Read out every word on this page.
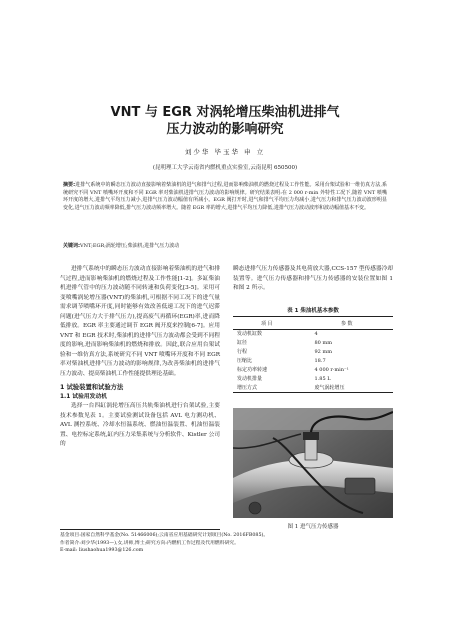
VNT 与 EGR 对涡轮增压柴油机进排气
压力波动的影响研究
刘少华 毕玉华 申 立
(昆明理工大学云南省内燃机重点实验室,云南昆明 650500)
摘要:进排气系统中的瞬态压力波动直接影响着柴油机的进气和排气过程,进而影响柴油机的燃烧过程及工作性能。采用台架试验和一维仿真方法,系统研究不同 VNT 喷嘴环开度和不同 EGR 率对柴油机进排气压力波动的影响规律。研究结果表明:在 2 000 r·min 外特性工况下,随着 VNT 喷嘴环开度的增大,进排气平均压力减小,进排气压力波动幅值有所减小。EGR 阀打开时,进气和排气平均压力均减小,进气压力和排气压力波动波形明显变化,进气压力波动频率降低,排气压力波动频率增大。随着 EGR 率的增大,进排气平均压力降低,进排气压力波动波形和波动幅值基本不变。
关键词:VNT;EGR;涡轮增压;柴油机;进排气压力波动
进排气系统中的瞬态压力波动直接影响着柴油机的进气和排气过程,进而影响柴油机的燃烧过程及工作性能[1-2]。多缸柴油机进排气管中的压力波动随不同转速和负荷变化[3-5]。采用可变喷嘴涡轮增压器(VNT)的柴油机,可根据不同工况下的进气量需求调节喷嘴环开度,同时能够有效改善低速工况下的进气迟滞问题(进气压力大于排气压力),提高废气再循环(EGR)率,进而降低排放。EGR 率主要通过调节 EGR 阀开度来控制[6-7]。应用 VNT 和 EGR 技术时,柴油机的进排气压力波动都会受到不同程度的影响,进而影响柴油机的燃烧和排放。因此,联合应用台架试验和一维仿真方法,系统研究不同 VNT 喷嘴环开度和不同 EGR 率对柴油机进排气压力波动的影响规律,为改善柴油机的进排气压力波动、提高柴油机工作性能提供理论基础。
1 试验装置和试验方法
1.1 试验用发动机
选择一台四缸涡轮增压高压共轨柴油机进行台架试验,主要技术参数见表 1。主要试验测试设备包括 AVL 电力测功机、AVL 测控系统、冷却水恒温系统、燃油恒温装置、机油恒温装置、电控标定系统,缸内压力采集系统与分析软件、Kistler 公司的
瞬态进排气压力传感器及其电荷放大器,CCS-157 型传感器冷却装置等。进气压力传感器和排气压力传感器的安装位置如图 1 和图 2 所示。
表 1 柴油机基本参数
项 目	参 数
发动机缸数	4
缸径	80 mm
行程	92 mm
压缩比	18.7
标定功率转速	4 000 r·min⁻¹
发动机排量	1.85 L
增压方式	废气涡轮增压
图 1 进气压力传感器
基金项目:国家自然科学基金(No. 51466006);云南省应用基础研究计划项目(No. 2016FB085)。
作者简介:刘少华(1993—),女,讲师,博士;研究方向:内燃机工作过程及代用燃料研究。
E-mail: liushaohua1993@126.com
